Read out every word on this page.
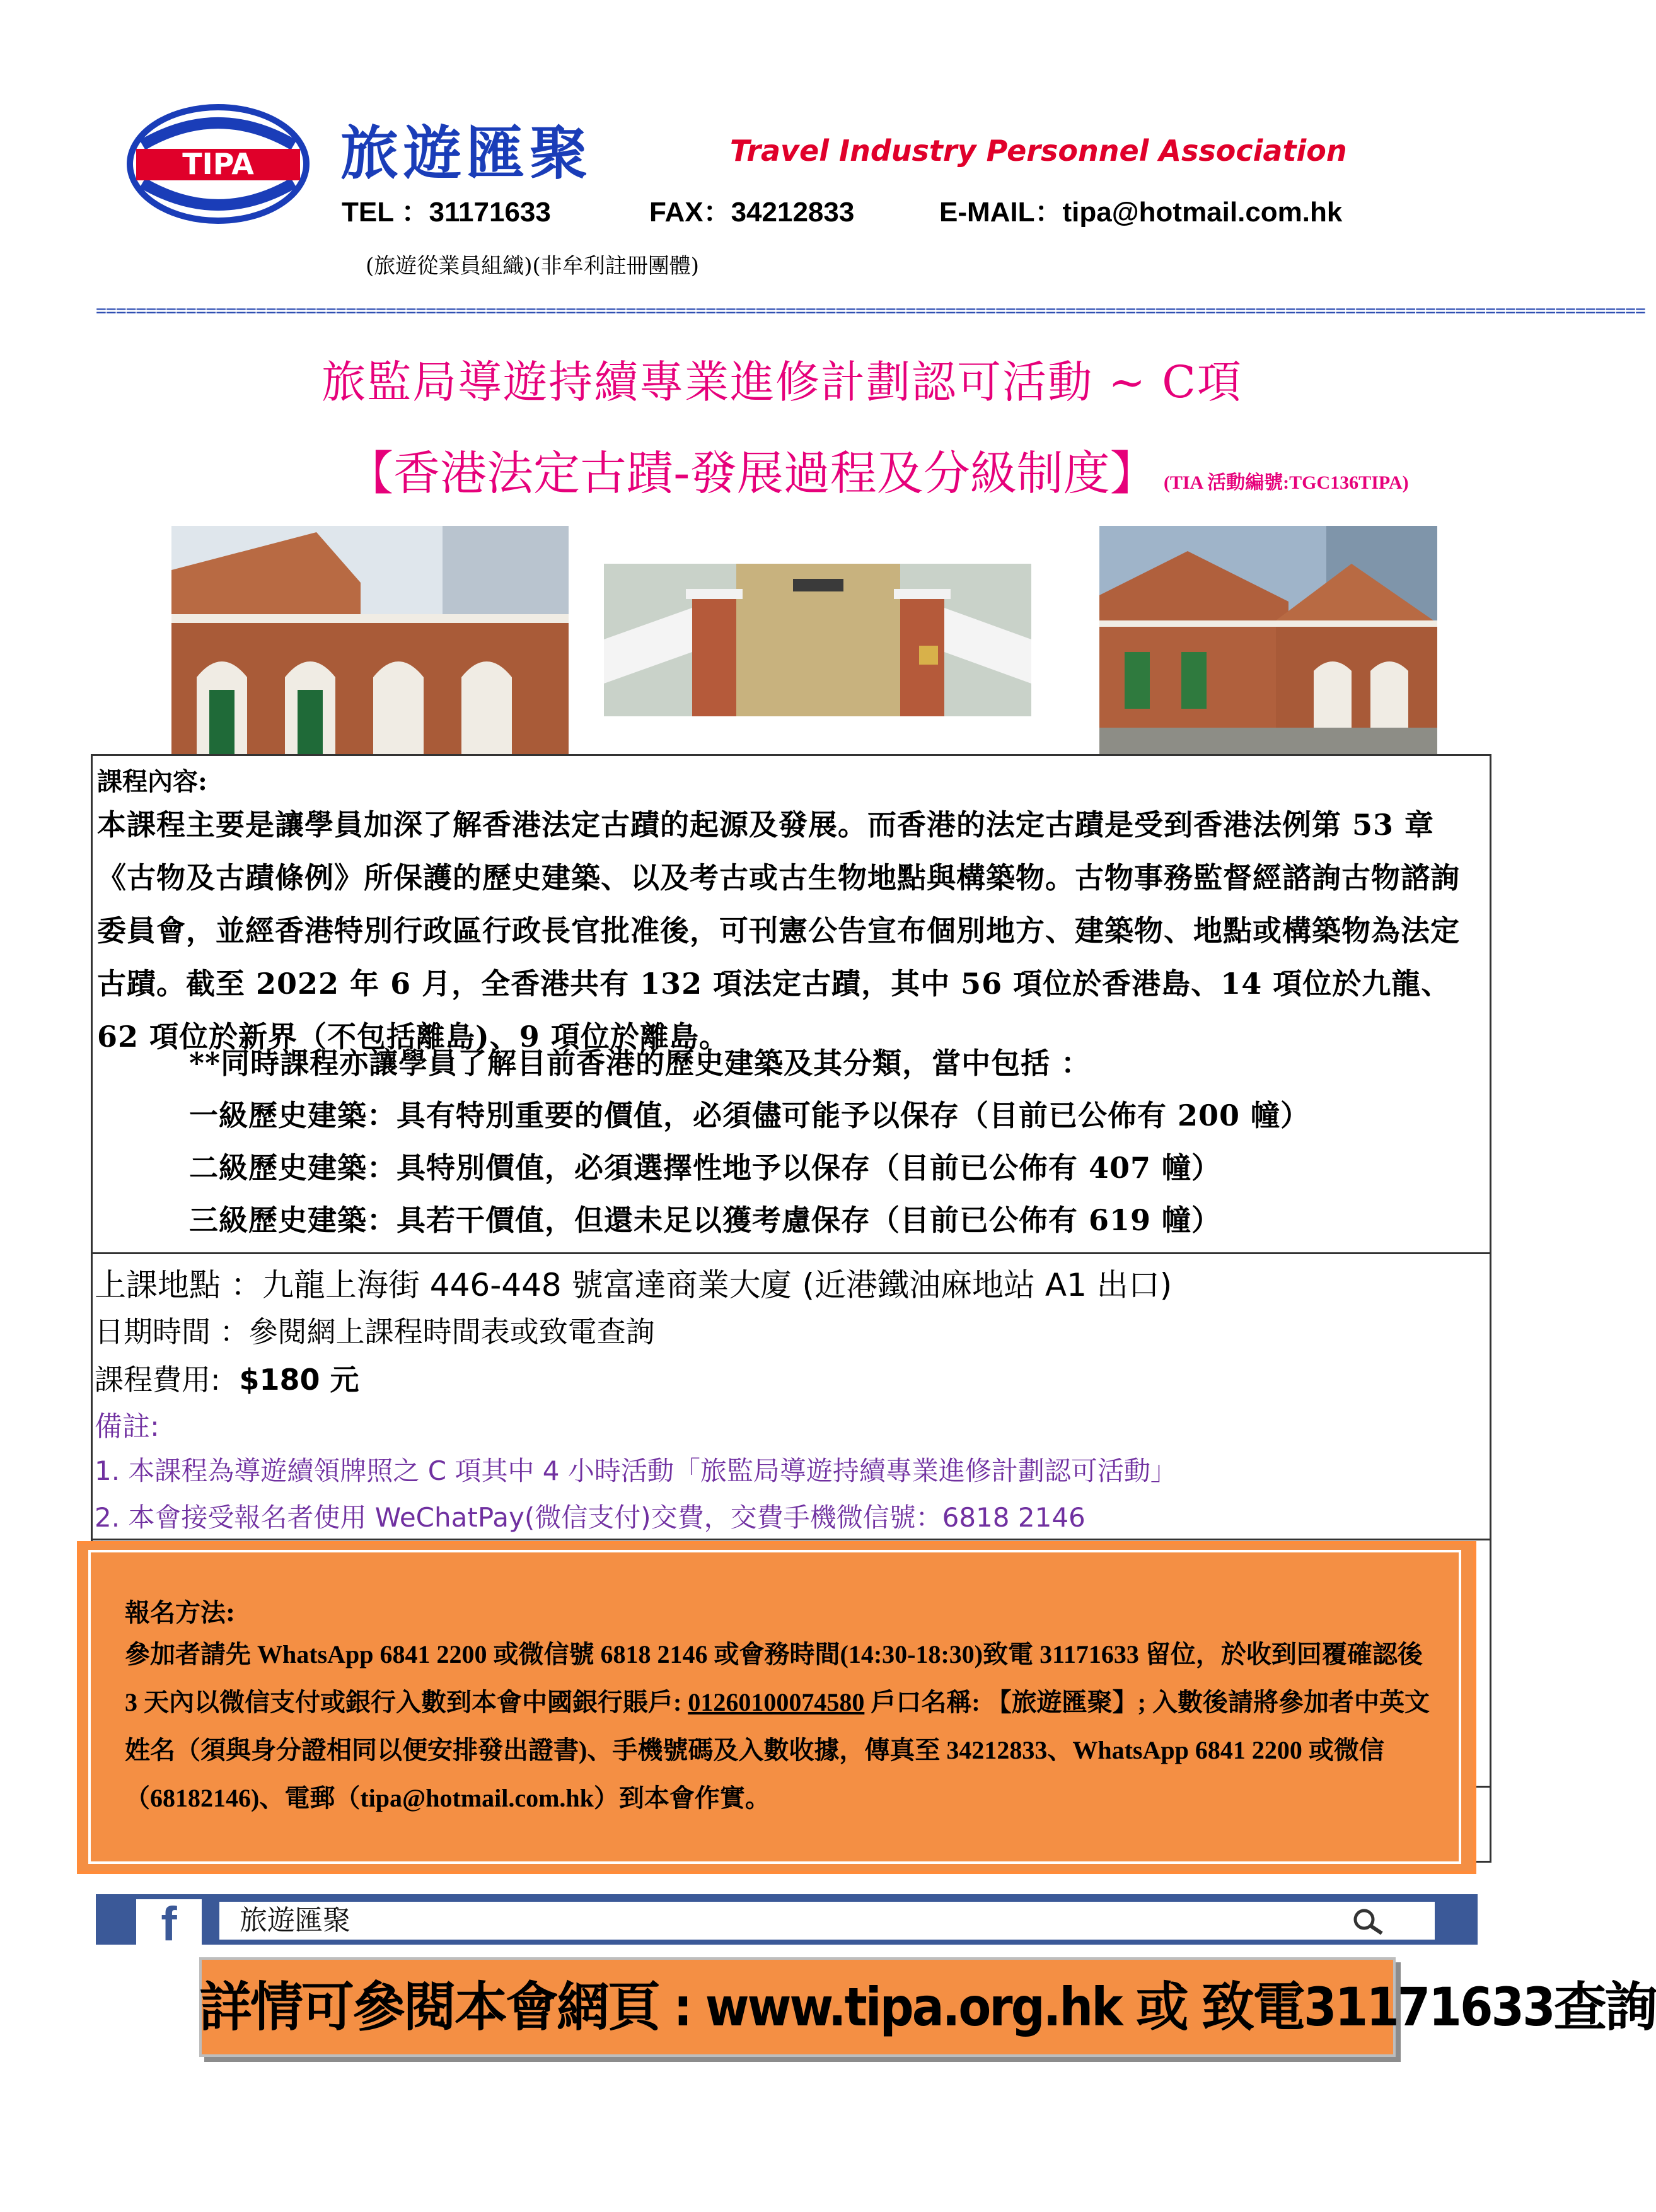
TIPA 旅遊匯聚	Travel Industry Personnel Association
TEL ：31171633	FAX：34212833	E-MAIL：tipa@hotmail.com.hk
(旅遊從業員組織)(非牟利註冊團體)
===========================================================================================================================================================
旅監局導遊持續專業進修計劃認可活動 ~ C項
【香港法定古蹟-發展過程及分級制度】 (TIA 活動編號:TGC136TIPA)
課程內容:
本課程主要是讓學員加深了解香港法定古蹟的起源及發展。而香港的法定古蹟是受到香港法例第 53 章《古物及古蹟條例》所保護的歷史建築、以及考古或古生物地點與構築物。古物事務監督經諮詢古物諮詢委員會，並經香港特別行政區行政長官批准後，可刊憲公告宣布個別地方、建築物、地點或構築物為法定古蹟。截至 2022 年 6 月，全香港共有 132 項法定古蹟，其中 56 項位於香港島、14 項位於九龍、62 項位於新界（不包括離島)、9 項位於離島。
**同時課程亦讓學員了解目前香港的歷史建築及其分類，當中包括 ：
一級歷史建築：具有特別重要的價值，必須儘可能予以保存（目前已公佈有 200 幢）
二級歷史建築：具特別價值，必須選擇性地予以保存（目前已公佈有 407 幢）
三級歷史建築：具若干價值，但還未足以獲考慮保存（目前已公佈有 619 幢）
上課地點 ：九龍上海街 446-448 號富達商業大廈 (近港鐵油麻地站 A1 出口)
日期時間 ：參閱網上課程時間表或致電查詢
課程費用: $180 元
備註:
1. 本課程為導遊續領牌照之 C 項其中 4 小時活動「旅監局導遊持續專業進修計劃認可活動」
2. 本會接受報名者使用 WeChatPay(微信支付)交費，交費手機微信號：6818 2146
報名方法:
參加者請先 WhatsApp 6841 2200 或微信號 6818 2146 或會務時間(14:30-18:30)致電 31171633 留位，於收到回覆確認後 3 天內以微信支付或銀行入數到本會中國銀行賬戶: 01260100074580 戶口名稱: 【旅遊匯聚】; 入數後請將參加者中英文姓名（須與身分證相同以便安排發出證書)、手機號碼及入數收據，傳真至 34212833、WhatsApp 6841 2200 或微信（68182146)、電郵（tipa@hotmail.com.hk）到本會作實。
f	旅遊匯聚
詳情可參閱本會網頁 : www.tipa.org.hk 或 致電31171633查詢
